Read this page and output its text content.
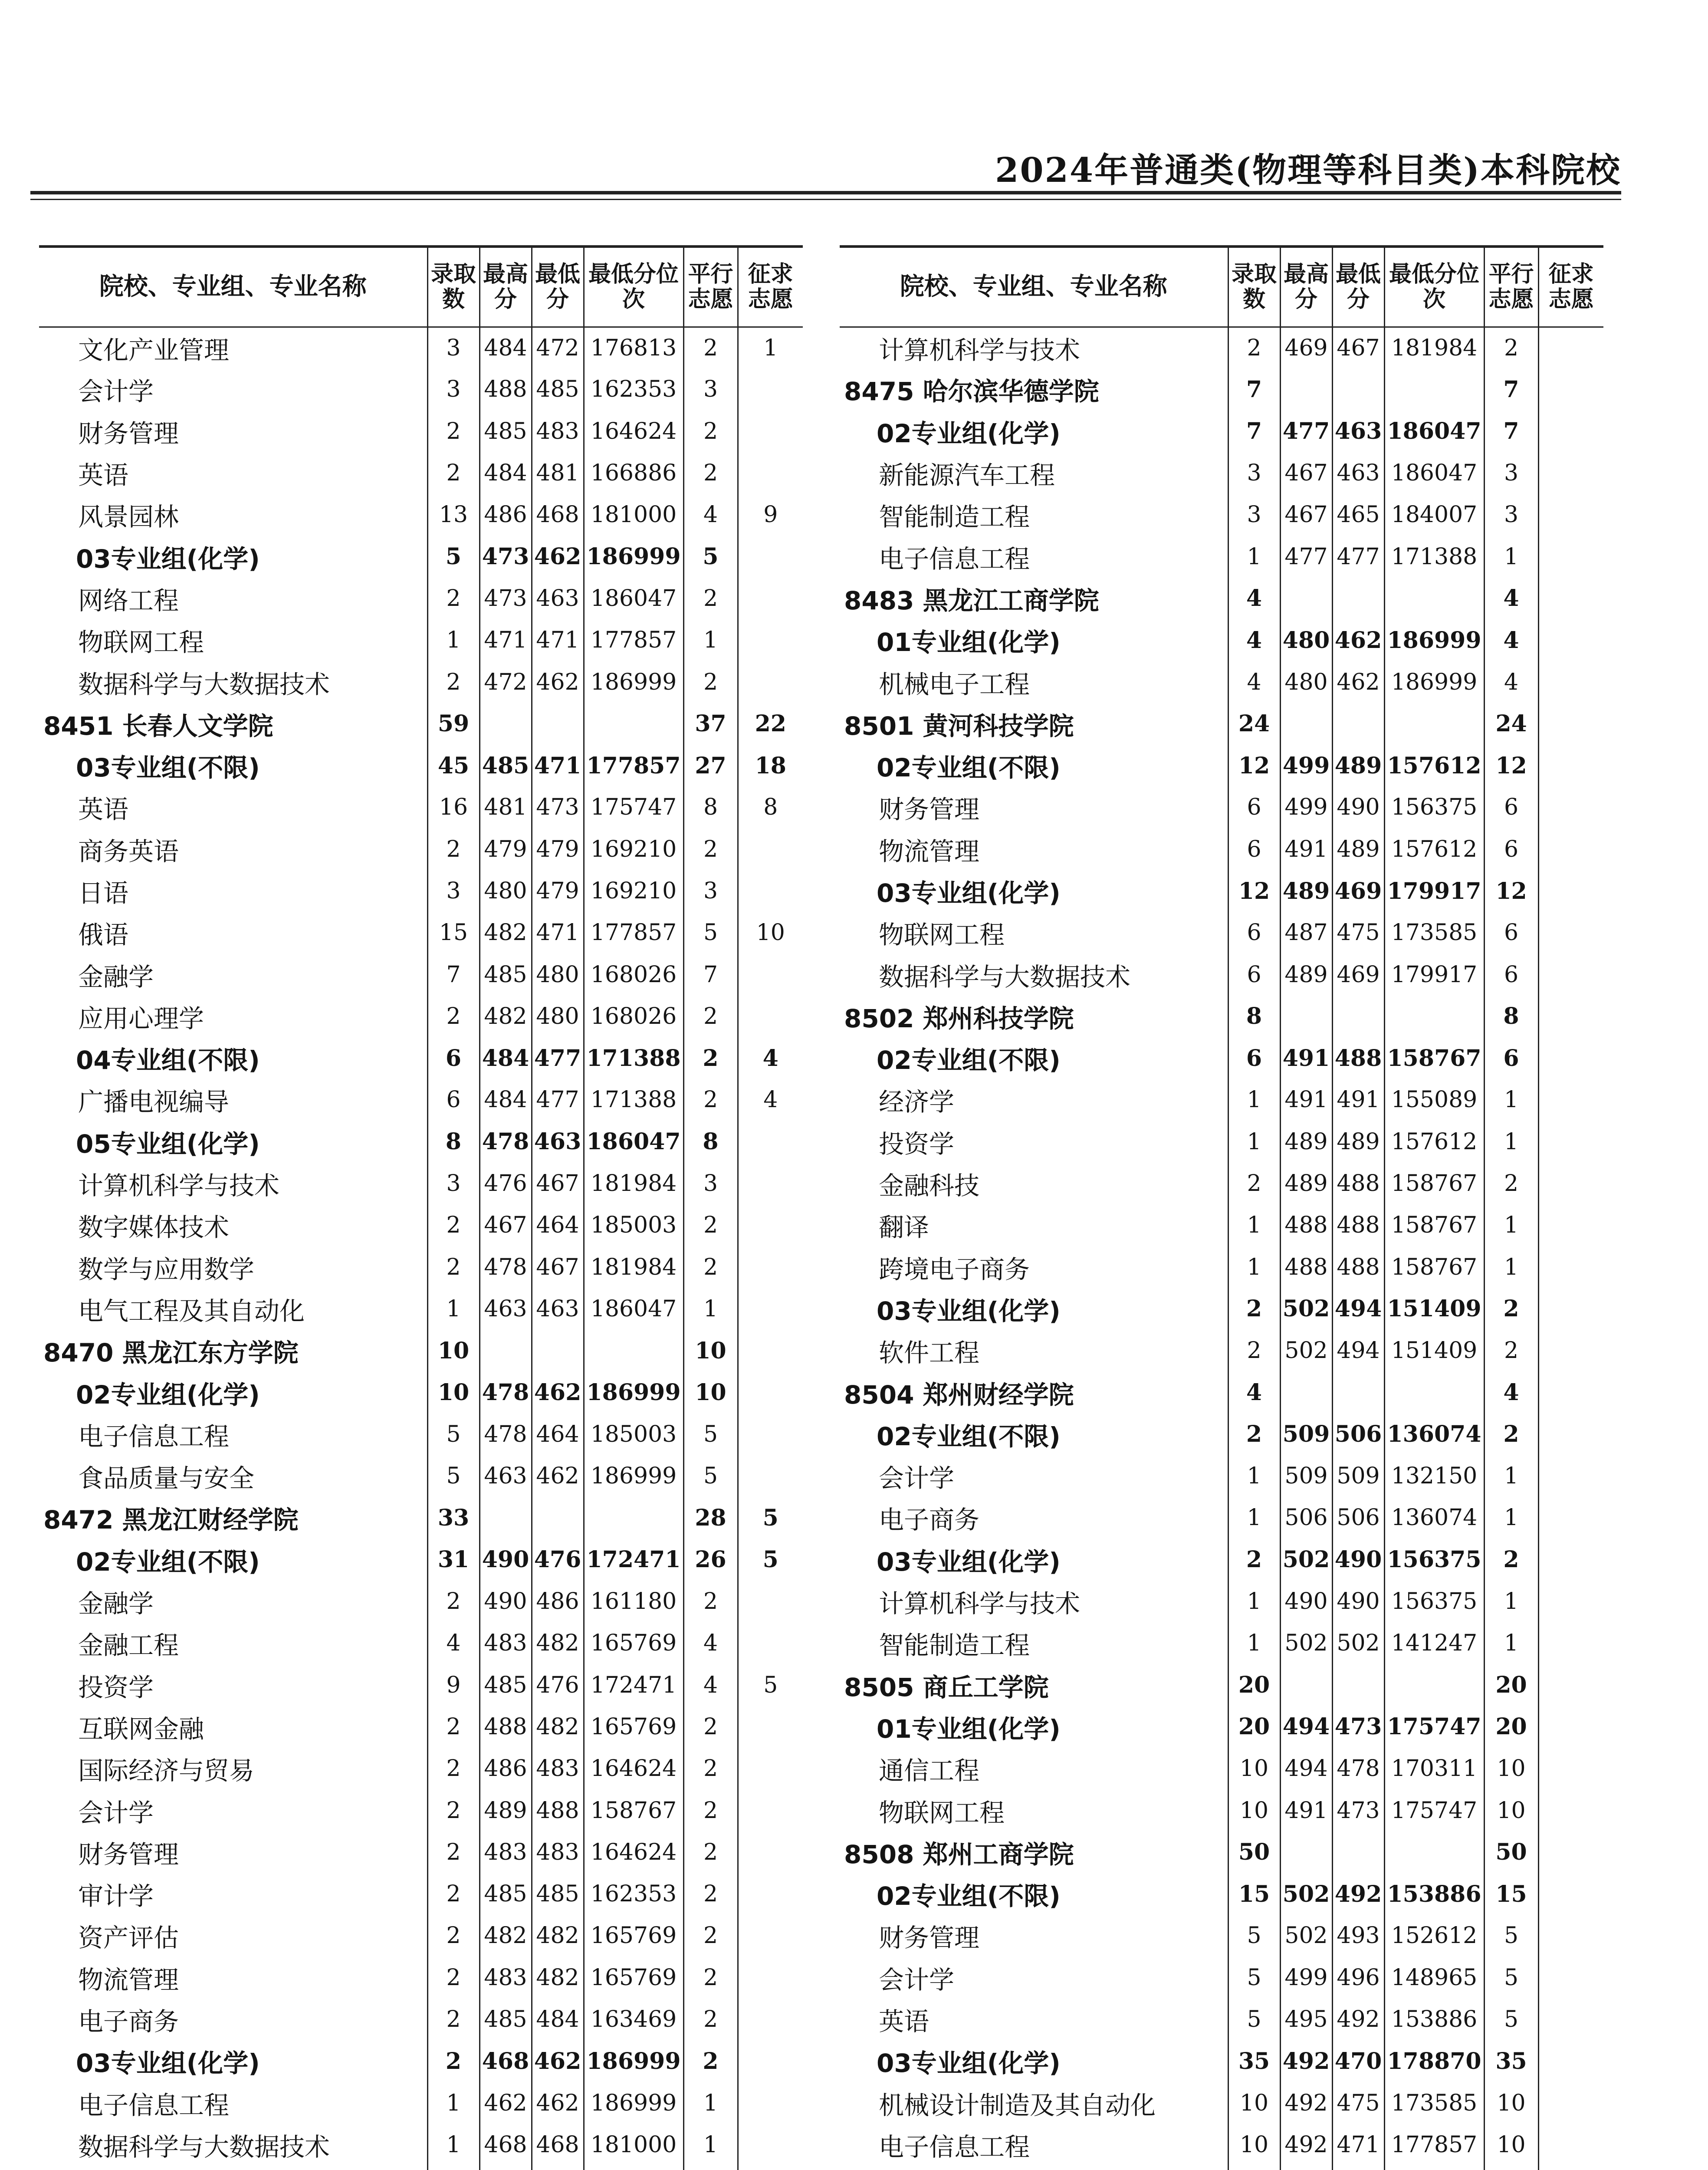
2024年普通类(物理等科目类)本科院校
院校、专业组、专业名称	录取数	最高分	最低分	最低分位次	平行志愿	征求志愿
文化产业管理	3	484	472	176813	2	1
会计学	3	488	485	162353	3	
财务管理	2	485	483	164624	2	
英语	2	484	481	166886	2	
风景园林	13	486	468	181000	4	9
03专业组(化学)	5	473	462	186999	5	
网络工程	2	473	463	186047	2	
物联网工程	1	471	471	177857	1	
数据科学与大数据技术	2	472	462	186999	2	
8451 长春人文学院	59				37	22
03专业组(不限)	45	485	471	177857	27	18
英语	16	481	473	175747	8	8
商务英语	2	479	479	169210	2	
日语	3	480	479	169210	3	
俄语	15	482	471	177857	5	10
金融学	7	485	480	168026	7	
应用心理学	2	482	480	168026	2	
04专业组(不限)	6	484	477	171388	2	4
广播电视编导	6	484	477	171388	2	4
05专业组(化学)	8	478	463	186047	8	
计算机科学与技术	3	476	467	181984	3	
数字媒体技术	2	467	464	185003	2	
数学与应用数学	2	478	467	181984	2	
电气工程及其自动化	1	463	463	186047	1	
8470 黑龙江东方学院	10				10	
02专业组(化学)	10	478	462	186999	10	
电子信息工程	5	478	464	185003	5	
食品质量与安全	5	463	462	186999	5	
8472 黑龙江财经学院	33				28	5
02专业组(不限)	31	490	476	172471	26	5
金融学	2	490	486	161180	2	
金融工程	4	483	482	165769	4	
投资学	9	485	476	172471	4	5
互联网金融	2	488	482	165769	2	
国际经济与贸易	2	486	483	164624	2	
会计学	2	489	488	158767	2	
财务管理	2	483	483	164624	2	
审计学	2	485	485	162353	2	
资产评估	2	482	482	165769	2	
物流管理	2	483	482	165769	2	
电子商务	2	485	484	163469	2	
03专业组(化学)	2	468	462	186999	2	
电子信息工程	1	462	462	186999	1	
数据科学与大数据技术	1	468	468	181000	1	

院校、专业组、专业名称	录取数	最高分	最低分	最低分位次	平行志愿	征求志愿
计算机科学与技术	2	469	467	181984	2	
8475 哈尔滨华德学院	7				7	
02专业组(化学)	7	477	463	186047	7	
新能源汽车工程	3	467	463	186047	3	
智能制造工程	3	467	465	184007	3	
电子信息工程	1	477	477	171388	1	
8483 黑龙江工商学院	4				4	
01专业组(化学)	4	480	462	186999	4	
机械电子工程	4	480	462	186999	4	
8501 黄河科技学院	24				24	
02专业组(不限)	12	499	489	157612	12	
财务管理	6	499	490	156375	6	
物流管理	6	491	489	157612	6	
03专业组(化学)	12	489	469	179917	12	
物联网工程	6	487	475	173585	6	
数据科学与大数据技术	6	489	469	179917	6	
8502 郑州科技学院	8				8	
02专业组(不限)	6	491	488	158767	6	
经济学	1	491	491	155089	1	
投资学	1	489	489	157612	1	
金融科技	2	489	488	158767	2	
翻译	1	488	488	158767	1	
跨境电子商务	1	488	488	158767	1	
03专业组(化学)	2	502	494	151409	2	
软件工程	2	502	494	151409	2	
8504 郑州财经学院	4				4	
02专业组(不限)	2	509	506	136074	2	
会计学	1	509	509	132150	1	
电子商务	1	506	506	136074	1	
03专业组(化学)	2	502	490	156375	2	
计算机科学与技术	1	490	490	156375	1	
智能制造工程	1	502	502	141247	1	
8505 商丘工学院	20				20	
01专业组(化学)	20	494	473	175747	20	
通信工程	10	494	478	170311	10	
物联网工程	10	491	473	175747	10	
8508 郑州工商学院	50				50	
02专业组(不限)	15	502	492	153886	15	
财务管理	5	502	493	152612	5	
会计学	5	499	496	148965	5	
英语	5	495	492	153886	5	
03专业组(化学)	35	492	470	178870	35	
机械设计制造及其自动化	10	492	475	173585	10	
电子信息工程	10	492	471	177857	10	
